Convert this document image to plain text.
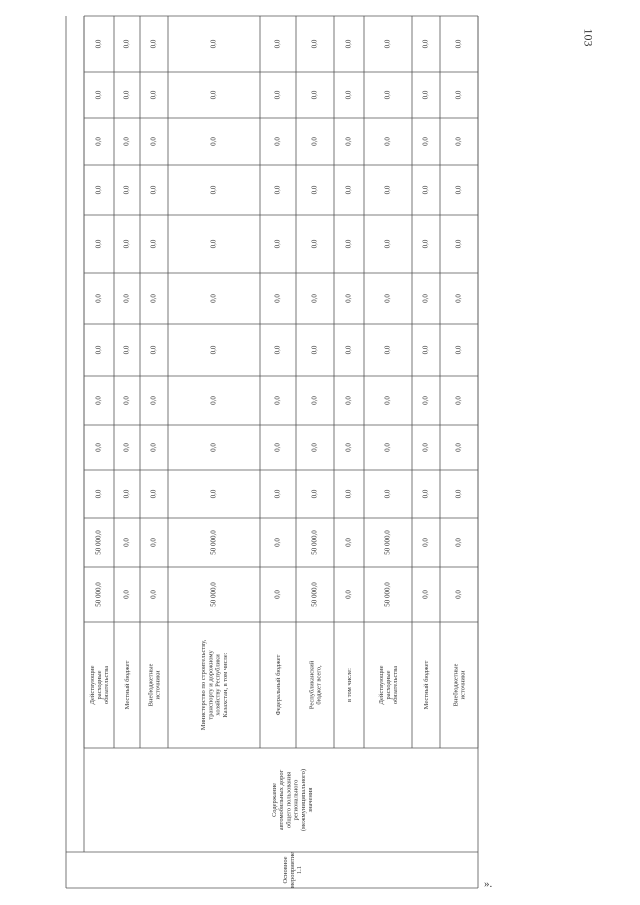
103
».
Действующиерасходныеобязательства
50 000,0
50 000,0
0,0
0,0
0,0
0,0
0,0
0,0
0,0
0,0
0,0
0,0
Местный бюджет
0,0
0,0
0,0
0,0
0,0
0,0
0,0
0,0
0,0
0,0
0,0
0,0
Внебюджетныеисточники
0,0
0,0
0,0
0,0
0,0
0,0
0,0
0,0
0,0
0,0
0,0
0,0
Министерство по строительству,транспорту и дорожномухозяйству РеспубликиКазахстан, в том числе:
50 000,0
50 000,0
0,0
0,0
0,0
0,0
0,0
0,0
0,0
0,0
0,0
0,0
Федеральный бюджет
0,0
0,0
0,0
0,0
0,0
0,0
0,0
0,0
0,0
0,0
0,0
0,0
Республиканскийбюджет всего,
50 000,0
50 000,0
0,0
0,0
0,0
0,0
0,0
0,0
0,0
0,0
0,0
0,0
в том числе:
0,0
0,0
0,0
0,0
0,0
0,0
0,0
0,0
0,0
0,0
0,0
0,0
Действующиерасходныеобязательства
50 000,0
50 000,0
0,0
0,0
0,0
0,0
0,0
0,0
0,0
0,0
0,0
0,0
Местный бюджет
0,0
0,0
0,0
0,0
0,0
0,0
0,0
0,0
0,0
0,0
0,0
0,0
Внебюджетныеисточники
0,0
0,0
0,0
0,0
0,0
0,0
0,0
0,0
0,0
0,0
0,0
0,0
Содержаниеавтомобильных дорогобщего пользованиярегионального(межмуниципального)значения
Основноемероприятие1.1
